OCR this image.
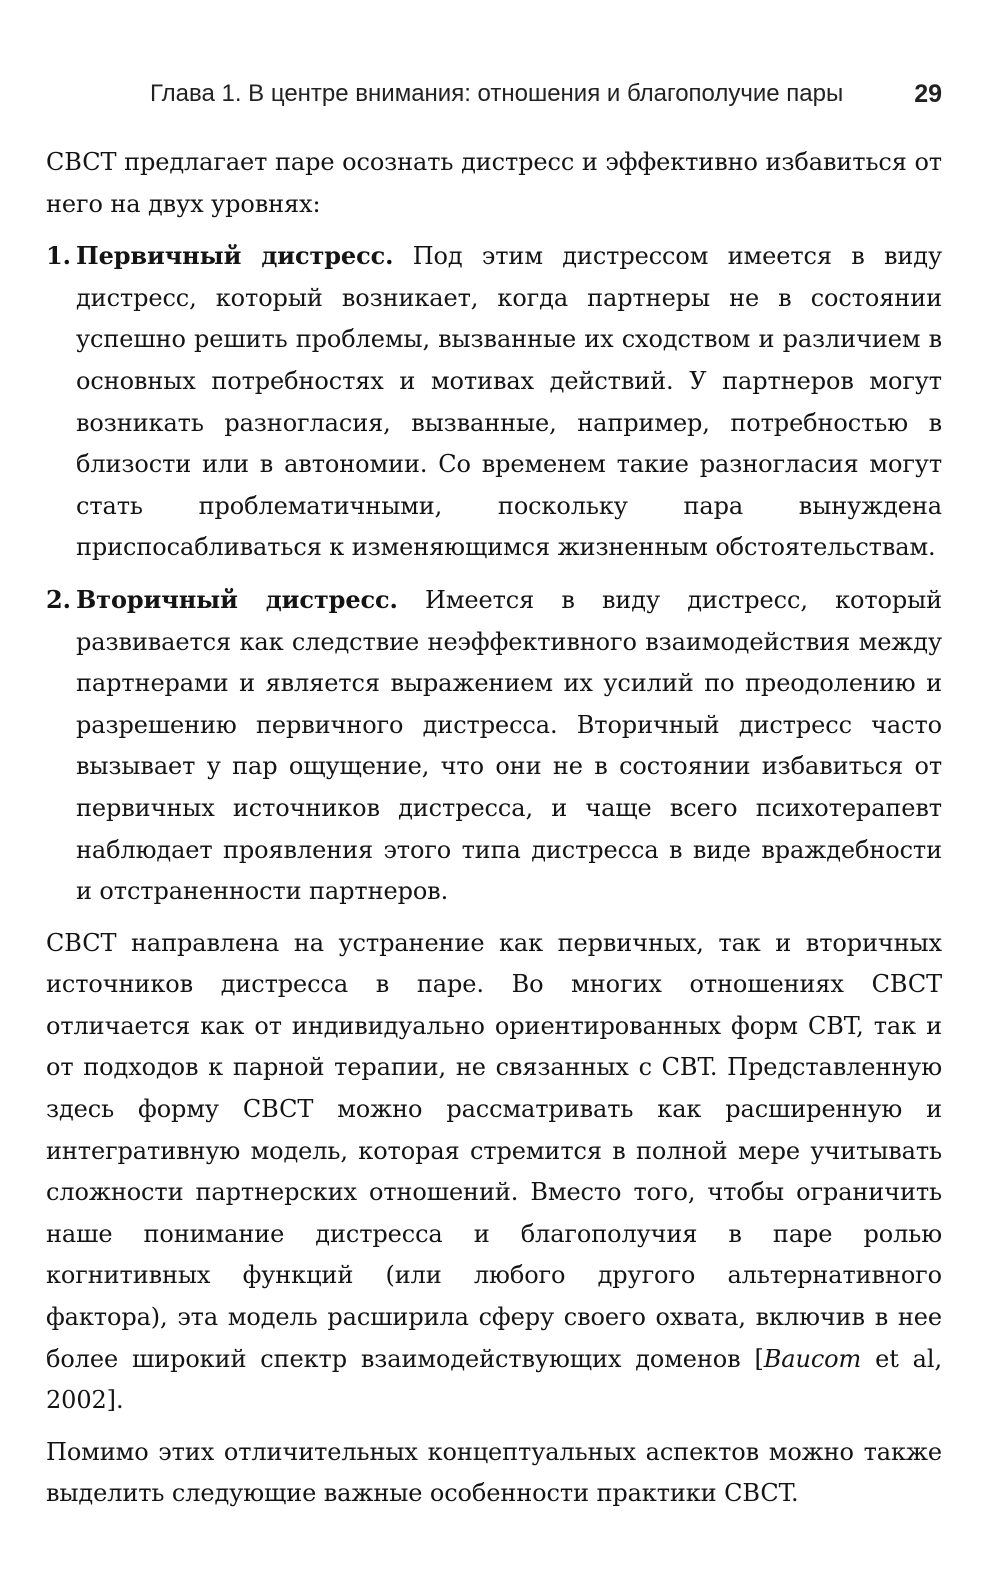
Глава 1. В центре внимания: отношения и благополучие пары	29

CBCT предлагает паре осознать дистресс и эффективно избавиться от него на двух уровнях:

1. Первичный дистресс. Под этим дистрессом имеется в виду дистресс, который возникает, когда партнеры не в состоянии успешно решить проблемы, вызванные их сходством и различием в основных потребностях и мотивах действий. У партнеров могут возникать разногласия, вызванные, например, потребностью в близости или в автономии. Со временем такие разногласия могут стать проблематичными, поскольку пара вынуждена приспосабливаться к изменяющимся жизненным обстоятельствам.
2. Вторичный дистресс. Имеется в виду дистресс, который развивается как следствие неэффективного взаимодействия между партнерами и является выражением их усилий по преодолению и разрешению первичного дистресса. Вторичный дистресс часто вызывает у пар ощущение, что они не в состоянии избавиться от первичных источников дистресса, и чаще всего психотерапевт наблюдает проявления этого типа дистресса в виде враждебности и отстраненности партнеров.

CBCT направлена на устранение как первичных, так и вторичных источников дистресса в паре. Во многих отношениях CBCT отличается как от индивидуально ориентированных форм CBT, так и от подходов к парной терапии, не связанных с CBT. Представленную здесь форму CBCT можно рассматривать как расширенную и интегративную модель, которая стремится в полной мере учитывать сложности партнерских отношений. Вместо того, чтобы ограничить наше понимание дистресса и благополучия в паре ролью когнитивных функций (или любого другого альтернативного фактора), эта модель расширила сферу своего охвата, включив в нее более широкий спектр взаимодействующих доменов [Baucom et al, 2002].

Помимо этих отличительных концептуальных аспектов можно также выделить следующие важные особенности практики CBCT.
